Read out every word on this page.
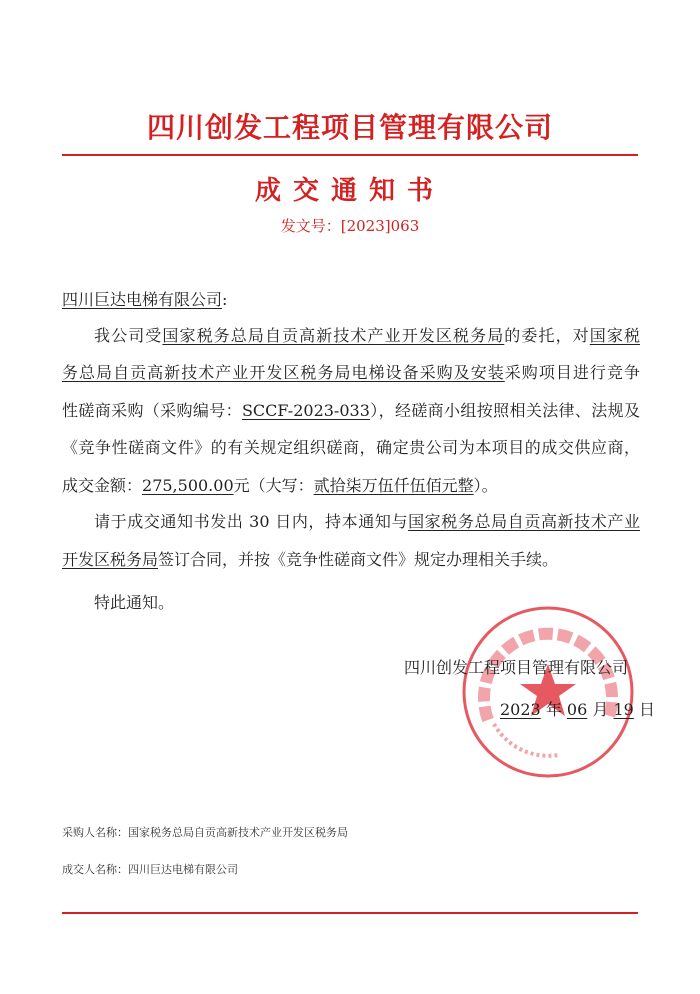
四川创发工程项目管理有限公司
成交通知书
发文号：[2023]063
四川巨达电梯有限公司:
我公司受国家税务总局自贡高新技术产业开发区税务局的委托，对国家税
务总局自贡高新技术产业开发区税务局电梯设备采购及安装采购项目进行竞争
性磋商采购（采购编号：SCCF-2023-033），经磋商小组按照相关法律、法规及
《竞争性磋商文件》的有关规定组织磋商，确定贵公司为本项目的成交供应商，
成交金额：275,500.00元（大写：贰拾柒万伍仟伍佰元整）。
请于成交通知书发出 30 日内，持本通知与国家税务总局自贡高新技术产业
开发区税务局签订合同，并按《竞争性磋商文件》规定办理相关手续。
特此通知。
四川创发工程项目管理有限公司
2023 年 06 月 19 日
采购人名称：国家税务总局自贡高新技术产业开发区税务局
成交人名称：四川巨达电梯有限公司
